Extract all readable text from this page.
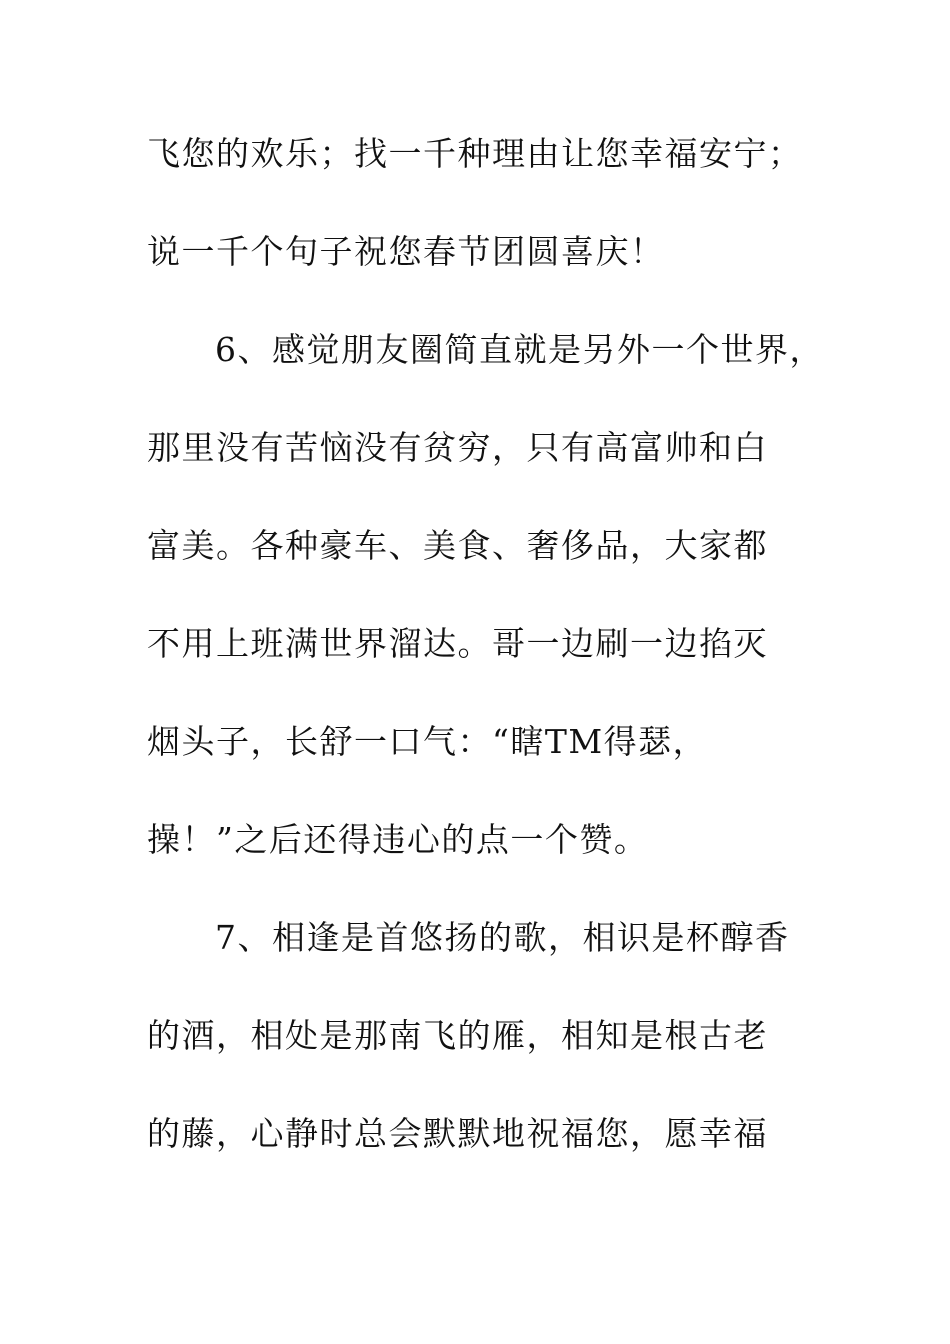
飞您的欢乐；找一千种理由让您幸福安宁；
说一千个句子祝您春节团圆喜庆！
6、感觉朋友圈简直就是另外一个世界，
那里没有苦恼没有贫穷，只有高富帅和白
富美。各种豪车、美食、奢侈品，大家都
不用上班满世界溜达。哥一边刷一边掐灭
烟头子，长舒一口气：“瞎TM得瑟，
操！”之后还得违心的点一个赞。
7、相逢是首悠扬的歌，相识是杯醇香
的酒，相处是那南飞的雁，相知是根古老
的藤，心静时总会默默地祝福您，愿幸福
